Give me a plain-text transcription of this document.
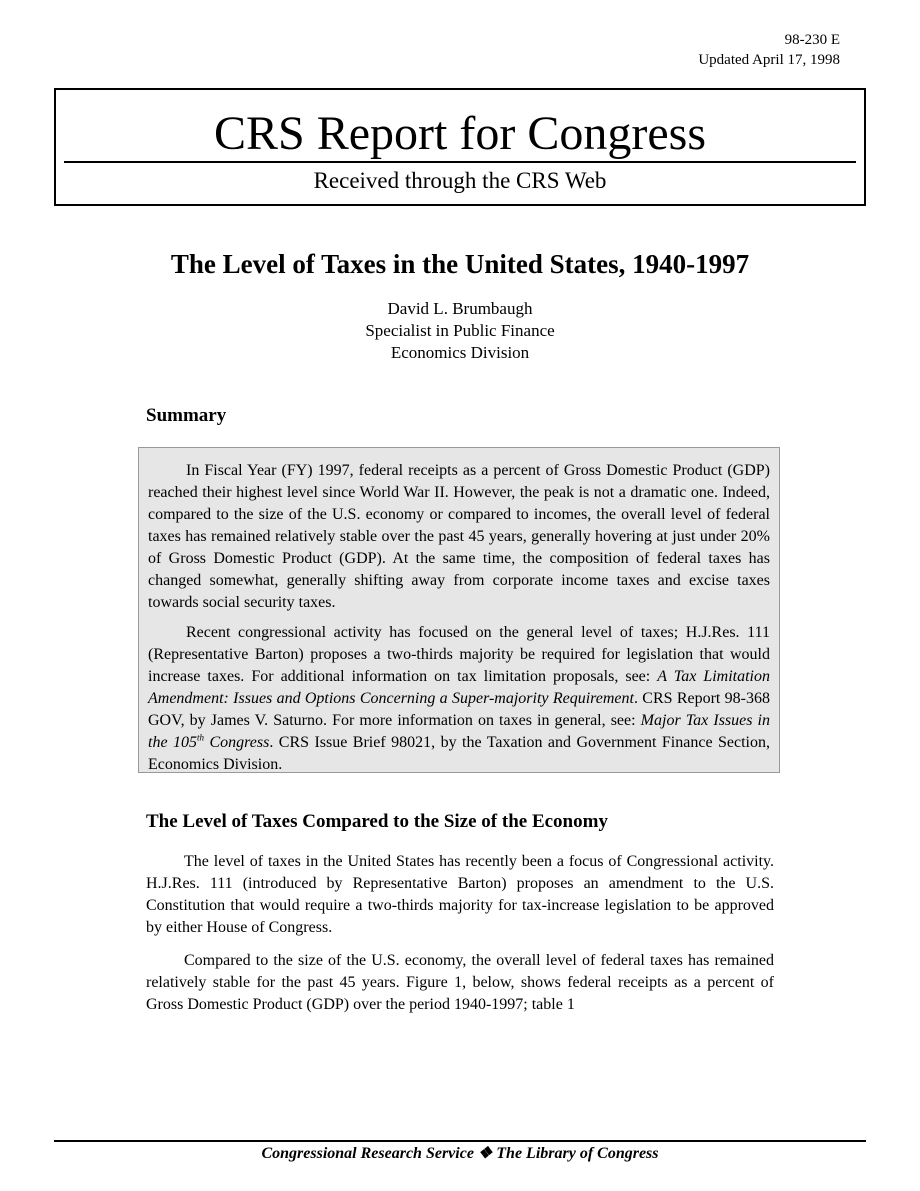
98-230 E
Updated April 17, 1998
CRS Report for Congress
Received through the CRS Web
The Level of Taxes in the United States, 1940-1997
David L. Brumbaugh
Specialist in Public Finance
Economics Division
Summary

In Fiscal Year (FY) 1997, federal receipts as a percent of Gross Domestic Product (GDP) reached their highest level since World War II. However, the peak is not a dramatic one. Indeed, compared to the size of the U.S. economy or compared to incomes, the overall level of federal taxes has remained relatively stable over the past 45 years, generally hovering at just under 20% of Gross Domestic Product (GDP). At the same time, the composition of federal taxes has changed somewhat, generally shifting away from corporate income taxes and excise taxes towards social security taxes.

Recent congressional activity has focused on the general level of taxes; H.J.Res. 111 (Representative Barton) proposes a two-thirds majority be required for legislation that would increase taxes. For additional information on tax limitation proposals, see: A Tax Limitation Amendment: Issues and Options Concerning a Super-majority Requirement. CRS Report 98-368 GOV, by James V. Saturno. For more information on taxes in general, see: Major Tax Issues in the 105th Congress. CRS Issue Brief 98021, by the Taxation and Government Finance Section, Economics Division.

The Level of Taxes Compared to the Size of the Economy

The level of taxes in the United States has recently been a focus of Congressional activity. H.J.Res. 111 (introduced by Representative Barton) proposes an amendment to the U.S. Constitution that would require a two-thirds majority for tax-increase legislation to be approved by either House of Congress.

Compared to the size of the U.S. economy, the overall level of federal taxes has remained relatively stable for the past 45 years. Figure 1, below, shows federal receipts as a percent of Gross Domestic Product (GDP) over the period 1940-1997; table 1

Congressional Research Service ❖ The Library of Congress
